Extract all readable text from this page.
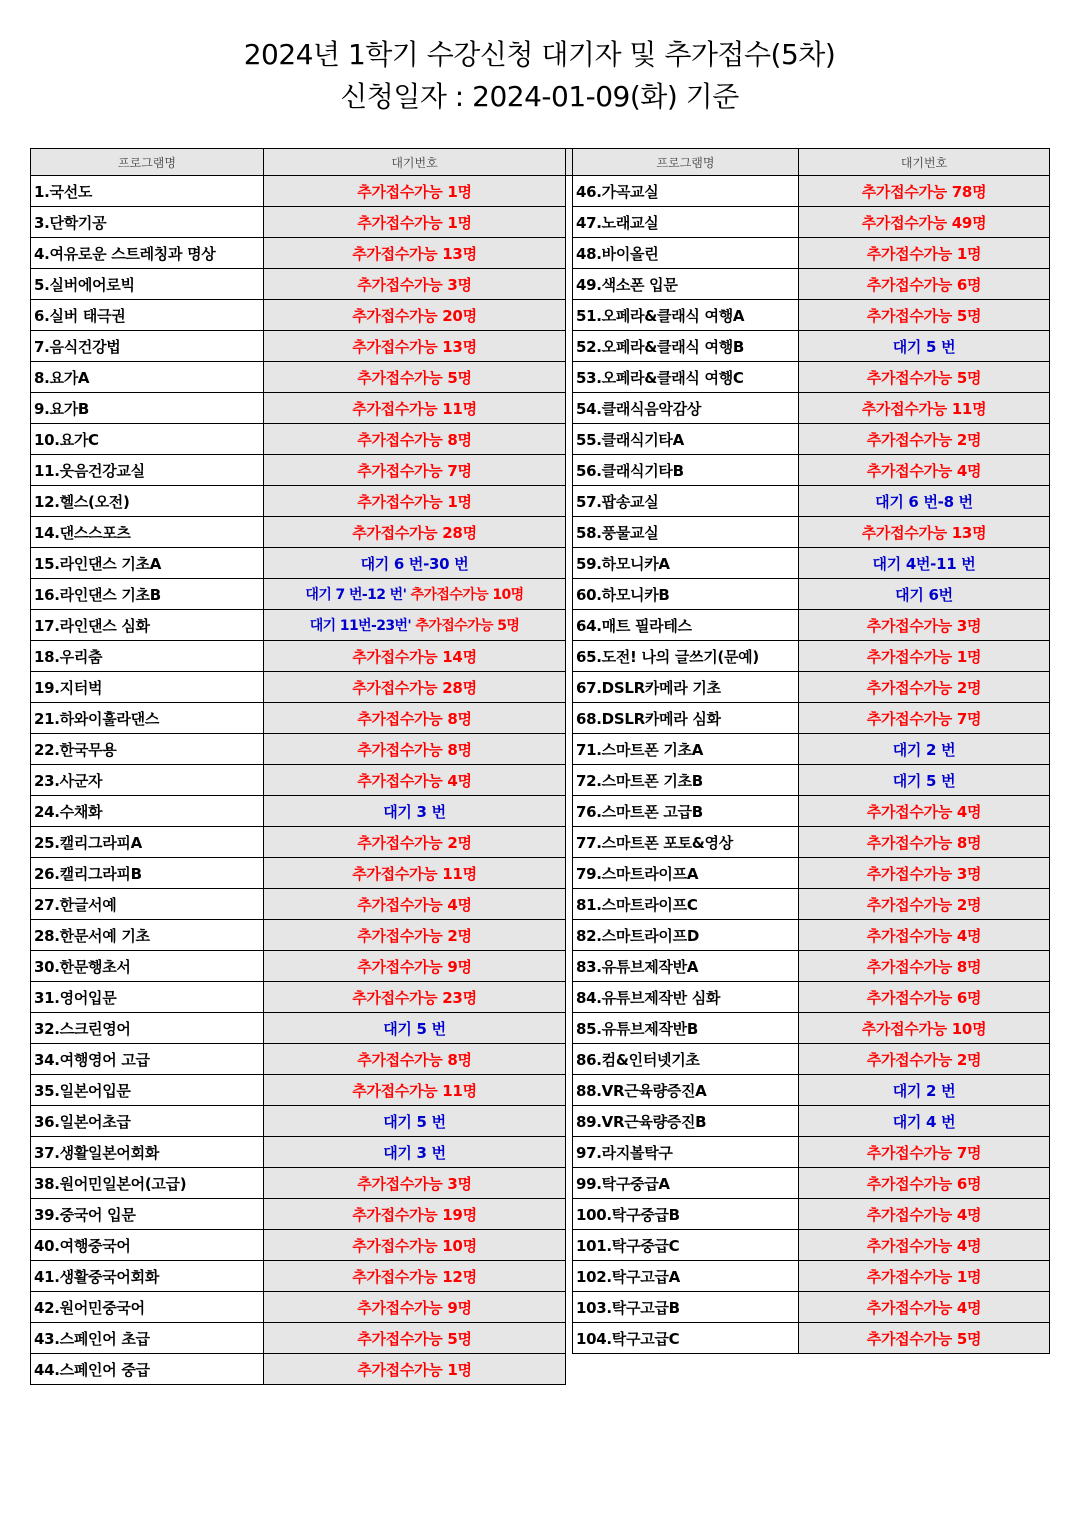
2024년 1학기 수강신청 대기자 및 추가접수(5차)
신청일자 : 2024-01-09(화) 기준
프로그램명	대기번호		프로그램명	대기번호
1.국선도	추가접수가능 1명		46.가곡교실	추가접수가능 78명
3.단학기공	추가접수가능 1명		47.노래교실	추가접수가능 49명
4.여유로운 스트레칭과 명상	추가접수가능 13명		48.바이올린	추가접수가능 1명
5.실버에어로빅	추가접수가능 3명		49.색소폰 입문	추가접수가능 6명
6.실버 태극권	추가접수가능 20명		51.오페라&클래식 여행A	추가접수가능 5명
7.음식건강법	추가접수가능 13명		52.오페라&클래식 여행B	대기 5 번
8.요가A	추가접수가능 5명		53.오페라&클래식 여행C	추가접수가능 5명
9.요가B	추가접수가능 11명		54.클래식음악감상	추가접수가능 11명
10.요가C	추가접수가능 8명		55.클래식기타A	추가접수가능 2명
11.웃음건강교실	추가접수가능 7명		56.클래식기타B	추가접수가능 4명
12.헬스(오전)	추가접수가능 1명		57.팝송교실	대기 6 번-8 번
14.댄스스포츠	추가접수가능 28명		58.풍물교실	추가접수가능 13명
15.라인댄스 기초A	대기 6 번-30 번		59.하모니카A	대기 4번-11 번
16.라인댄스 기초B	대기 7 번-12 번' 추가접수가능 10명		60.하모니카B	대기 6번
17.라인댄스 심화	대기 11번-23번' 추가접수가능 5명		64.매트 필라테스	추가접수가능 3명
18.우리춤	추가접수가능 14명		65.도전! 나의 글쓰기(문예)	추가접수가능 1명
19.지터벅	추가접수가능 28명		67.DSLR카메라 기초	추가접수가능 2명
21.하와이훌라댄스	추가접수가능 8명		68.DSLR카메라 심화	추가접수가능 7명
22.한국무용	추가접수가능 8명		71.스마트폰 기초A	대기 2 번
23.사군자	추가접수가능 4명		72.스마트폰 기초B	대기 5 번
24.수채화	대기 3 번		76.스마트폰 고급B	추가접수가능 4명
25.캘리그라피A	추가접수가능 2명		77.스마트폰 포토&영상	추가접수가능 8명
26.캘리그라피B	추가접수가능 11명		79.스마트라이프A	추가접수가능 3명
27.한글서예	추가접수가능 4명		81.스마트라이프C	추가접수가능 2명
28.한문서예 기초	추가접수가능 2명		82.스마트라이프D	추가접수가능 4명
30.한문행초서	추가접수가능 9명		83.유튜브제작반A	추가접수가능 8명
31.영어입문	추가접수가능 23명		84.유튜브제작반 심화	추가접수가능 6명
32.스크린영어	대기 5 번		85.유튜브제작반B	추가접수가능 10명
34.여행영어 고급	추가접수가능 8명		86.컴&인터넷기초	추가접수가능 2명
35.일본어입문	추가접수가능 11명		88.VR근육량증진A	대기 2 번
36.일본어초급	대기 5 번		89.VR근육량증진B	대기 4 번
37.생활일본어회화	대기 3 번		97.라지볼탁구	추가접수가능 7명
38.원어민일본어(고급)	추가접수가능 3명		99.탁구중급A	추가접수가능 6명
39.중국어 입문	추가접수가능 19명		100.탁구중급B	추가접수가능 4명
40.여행중국어	추가접수가능 10명		101.탁구중급C	추가접수가능 4명
41.생활중국어회화	추가접수가능 12명		102.탁구고급A	추가접수가능 1명
42.원어민중국어	추가접수가능 9명		103.탁구고급B	추가접수가능 4명
43.스페인어 초급	추가접수가능 5명		104.탁구고급C	추가접수가능 5명
44.스페인어 중급	추가접수가능 1명			
